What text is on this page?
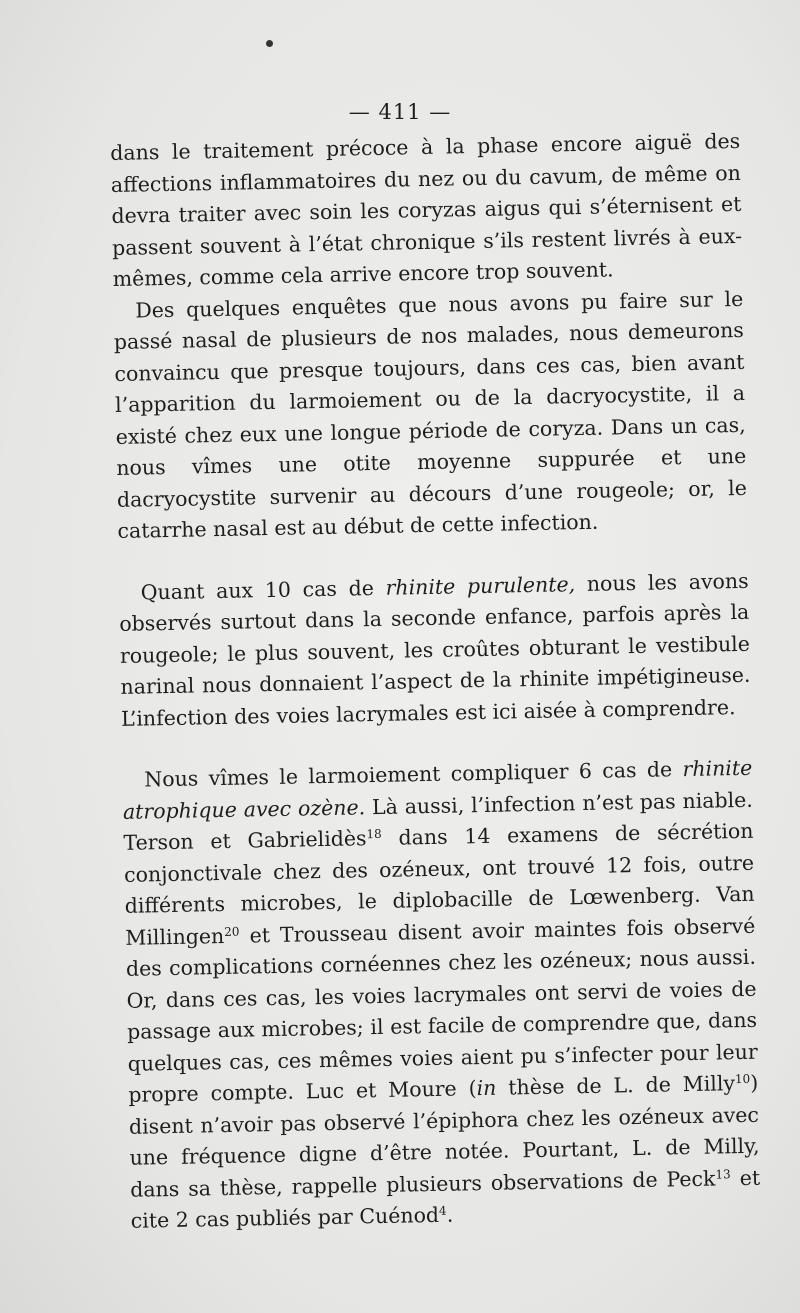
— 411 —

dans le traitement précoce à la phase encore aiguë des affections inflammatoires du nez ou du cavum, de même on devra traiter avec soin les coryzas aigus qui s’éternisent et passent souvent à l’état chronique s’ils restent livrés à eux-mêmes, comme cela arrive encore trop souvent.

Des quelques enquêtes que nous avons pu faire sur le passé nasal de plusieurs de nos malades, nous demeurons convaincu que presque toujours, dans ces cas, bien avant l’apparition du larmoiement ou de la dacryocystite, il a existé chez eux une longue période de coryza. Dans un cas, nous vîmes une otite moyenne suppurée et une dacryocystite survenir au décours d’une rougeole; or, le catarrhe nasal est au début de cette infection.

Quant aux 10 cas de rhinite purulente, nous les avons observés surtout dans la seconde enfance, parfois après la rougeole; le plus souvent, les croûtes obturant le vestibule narinal nous donnaient l’aspect de la rhinite impétigineuse. L’infection des voies lacrymales est ici aisée à comprendre.

Nous vîmes le larmoiement compliquer 6 cas de rhinite atrophique avec ozène. Là aussi, l’infection n’est pas niable. Terson et Gabrielidès$^{18}$ dans 14 examens de sécrétion conjonctivale chez des ozéneux, ont trouvé 12 fois, outre différents microbes, le diplobacille de Lœwenberg. Van Millingen$^{20}$ et Trousseau disent avoir maintes fois observé des complications cornéennes chez les ozéneux; nous aussi. Or, dans ces cas, les voies lacrymales ont servi de voies de passage aux microbes; il est facile de comprendre que, dans quelques cas, ces mêmes voies aient pu s’infecter pour leur propre compte. Luc et Moure (in thèse de L. de Milly$^{10}$) disent n’avoir pas observé l’épiphora chez les ozéneux avec une fréquence digne d’être notée. Pourtant, L. de Milly, dans sa thèse, rappelle plusieurs observations de Peck$^{13}$ et cite 2 cas publiés par Cuénod$^4$.
